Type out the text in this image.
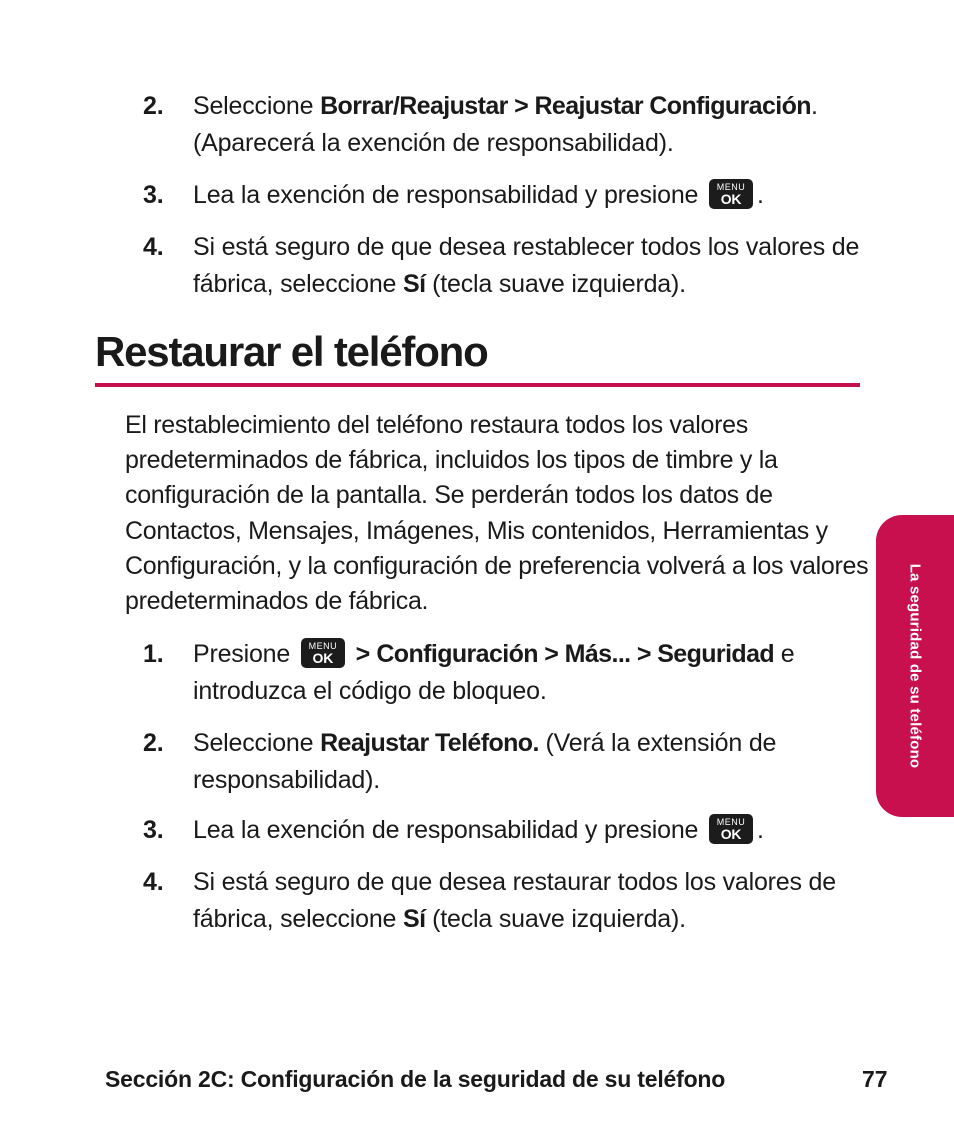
2. Seleccione Borrar/Reajustar > Reajustar Configuración. (Aparecerá la exención de responsabilidad).
3. Lea la exención de responsabilidad y presione	MENU
OK .
4. Si está seguro de que desea restablecer todos los valores de fábrica, seleccione Sí (tecla suave izquierda).
Restaurar el teléfono
El restablecimiento del teléfono restaura todos los valores predeterminados de fábrica, incluidos los tipos de timbre y la configuración de la pantalla. Se perderán todos los datos de Contactos, Mensajes, Imágenes, Mis contenidos, Herramientas y Configuración, y la configuración de preferencia volverá a los valores predeterminados de fábrica.
1. Presione	MENU
OK > Configuración > Más... > Seguridad e introduzca el código de bloqueo.
2. Seleccione Reajustar Teléfono. (Verá la extensión de responsabilidad).
3. Lea la exención de responsabilidad y presione	MENU
OK .
4. Si está seguro de que desea restaurar todos los valores de fábrica, seleccione Sí (tecla suave izquierda).
La seguridad de su teléfono
Sección 2C: Configuración de la seguridad de su teléfono	77
